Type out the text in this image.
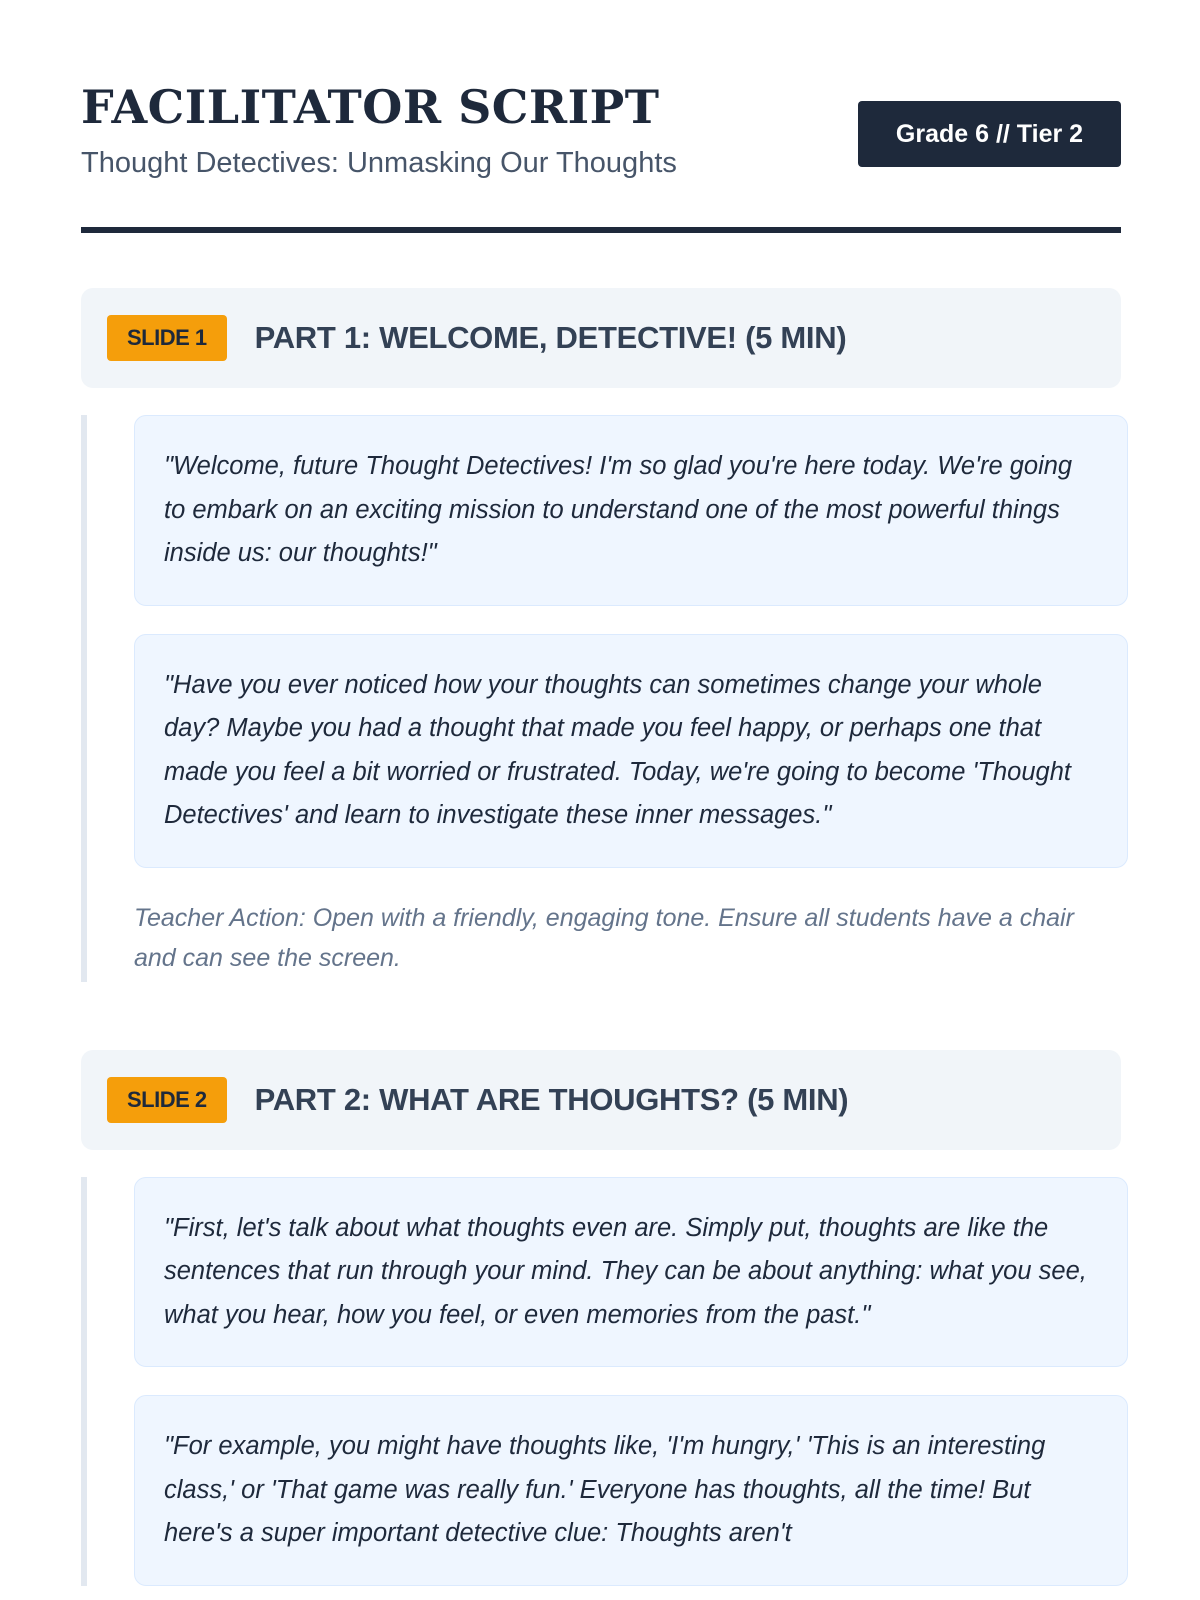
FACILITATOR SCRIPT

Thought Detectives: Unmasking Our Thoughts

Grade 6 // Tier 2
SLIDE 1	PART 1: WELCOME, DETECTIVE! (5 MIN)
"Welcome, future Thought Detectives! I'm so glad you're here today. We're going to embark on an exciting mission to understand one of the most powerful things inside us: our thoughts!"
"Have you ever noticed how your thoughts can sometimes change your whole day? Maybe you had a thought that made you feel happy, or perhaps one that made you feel a bit worried or frustrated. Today, we're going to become 'Thought Detectives' and learn to investigate these inner messages."

Teacher Action: Open with a friendly, engaging tone. Ensure all students have a chair and can see the screen.

SLIDE 2	PART 2: WHAT ARE THOUGHTS? (5 MIN)
"First, let's talk about what thoughts even are. Simply put, thoughts are like the sentences that run through your mind. They can be about anything: what you see, what you hear, how you feel, or even memories from the past."
"For example, you might have thoughts like, 'I'm hungry,' 'This is an interesting class,' or 'That game was really fun.' Everyone has thoughts, all the time! But here's a super important detective clue: Thoughts aren't
